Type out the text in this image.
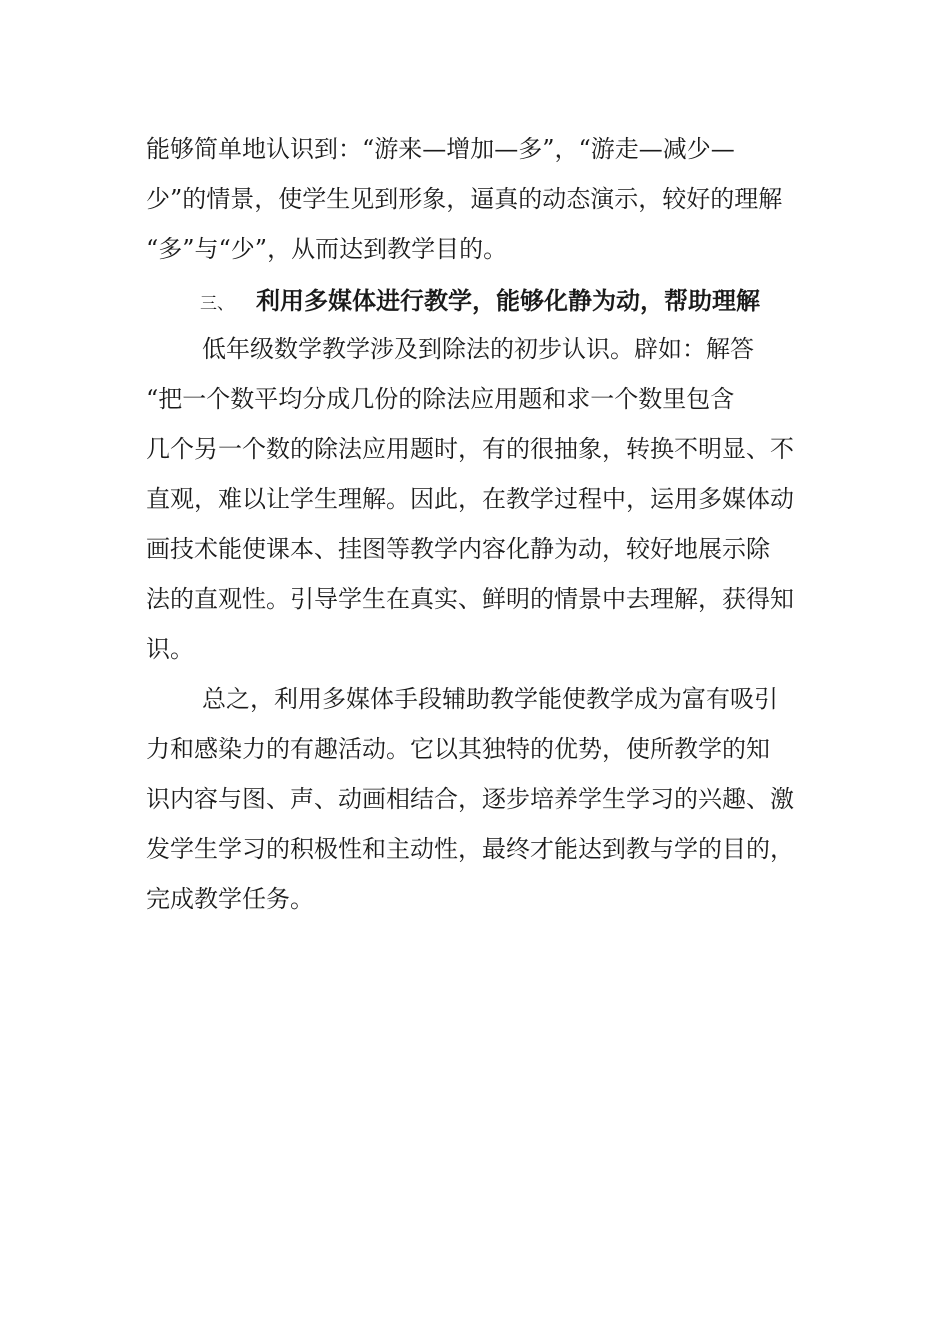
能够简单地认识到：“游来—增加—多”，“游走—减少—
少”的情景，使学生见到形象，逼真的动态演示，较好的理解
“多”与“少”，从而达到教学目的。
三、 利用多媒体进行教学，能够化静为动，帮助理解
低年级数学教学涉及到除法的初步认识。辟如：解答
“把一个数平均分成几份的除法应用题和求一个数里包含
几个另一个数的除法应用题时，有的很抽象，转换不明显、不
直观，难以让学生理解。因此，在教学过程中，运用多媒体动
画技术能使课本、挂图等教学内容化静为动，较好地展示除
法的直观性。引导学生在真实、鲜明的情景中去理解，获得知
识。
总之，利用多媒体手段辅助教学能使教学成为富有吸引
力和感染力的有趣活动。它以其独特的优势，使所教学的知
识内容与图、声、动画相结合，逐步培养学生学习的兴趣、激
发学生学习的积极性和主动性，最终才能达到教与学的目的，
完成教学任务。
